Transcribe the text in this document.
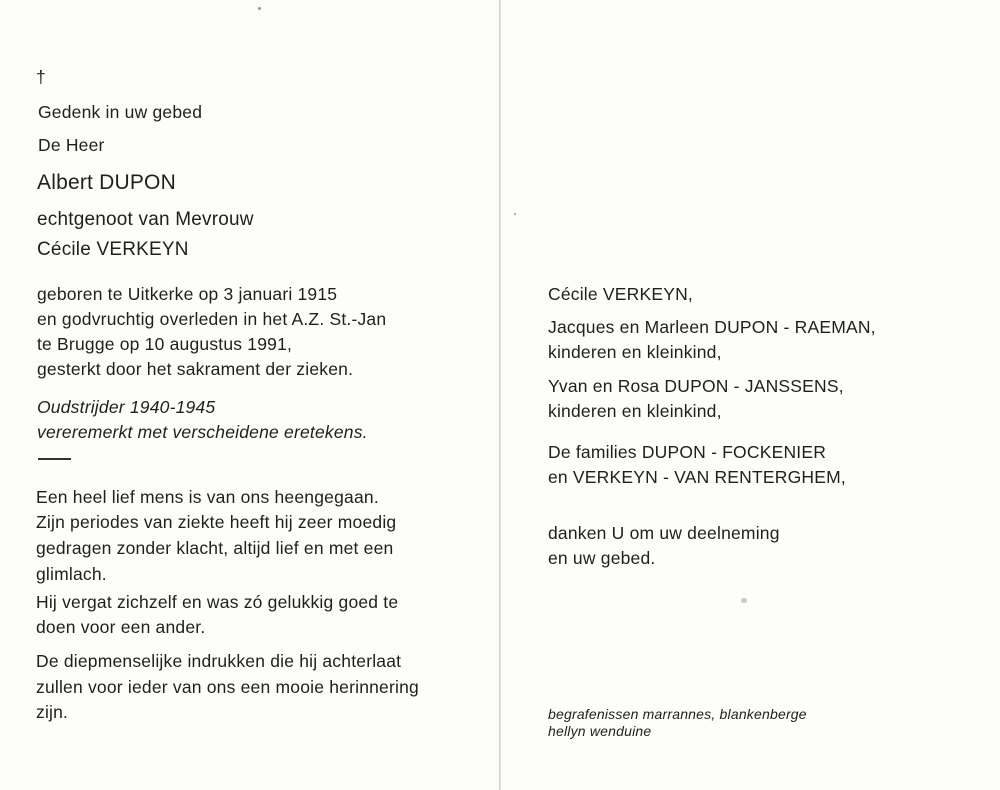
†
Gedenk in uw gebed
De Heer
Albert DUPON
echtgenoot van Mevrouw
Cécile VERKEYN
geboren te Uitkerke op 3 januari 1915
en godvruchtig overleden in het A.Z. St.-Jan
te Brugge op 10 augustus 1991,
gesterkt door het sakrament der zieken.
Oudstrijder 1940-1945
vereremerkt met verscheidene eretekens.
Een heel lief mens is van ons heengegaan.
Zijn periodes van ziekte heeft hij zeer moedig
gedragen zonder klacht, altijd lief en met een
glimlach.
Hij vergat zichzelf en was zó gelukkig goed te
doen voor een ander.
De diepmenselijke indrukken die hij achterlaat
zullen voor ieder van ons een mooie herinnering
zijn.
Cécile VERKEYN,
Jacques en Marleen DUPON - RAEMAN,
kinderen en kleinkind,
Yvan en Rosa DUPON - JANSSENS,
kinderen en kleinkind,
De families DUPON - FOCKENIER
en VERKEYN - VAN RENTERGHEM,
danken U om uw deelneming
en uw gebed.
begrafenissen marrannes, blankenberge
hellyn wenduine
